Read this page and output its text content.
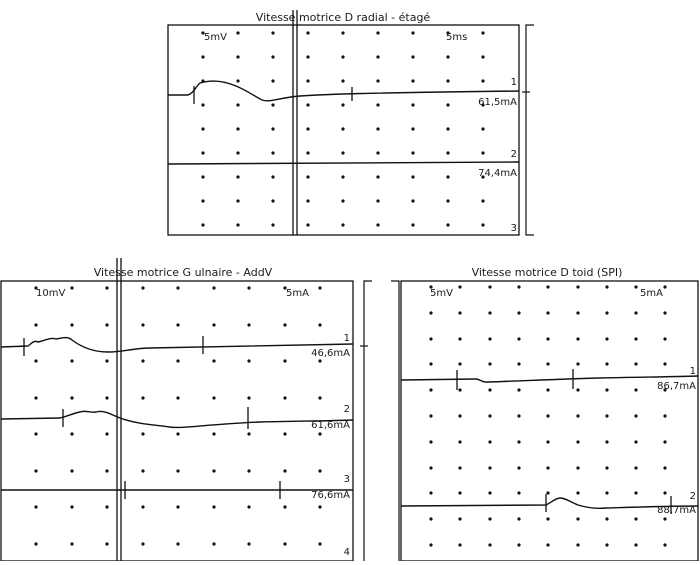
Vitesse motrice D radial - étagé
5mV	5ms
1
61,5mA
2
74,4mA
3
Vitesse motrice G ulnaire - AddV
10mV	5mA
1
46,6mA
2
61,6mA
3
76,6mA
4
Vitesse motrice D toid (SPI)
5mV	5mA
1
86,7mA
2
88,7mA
